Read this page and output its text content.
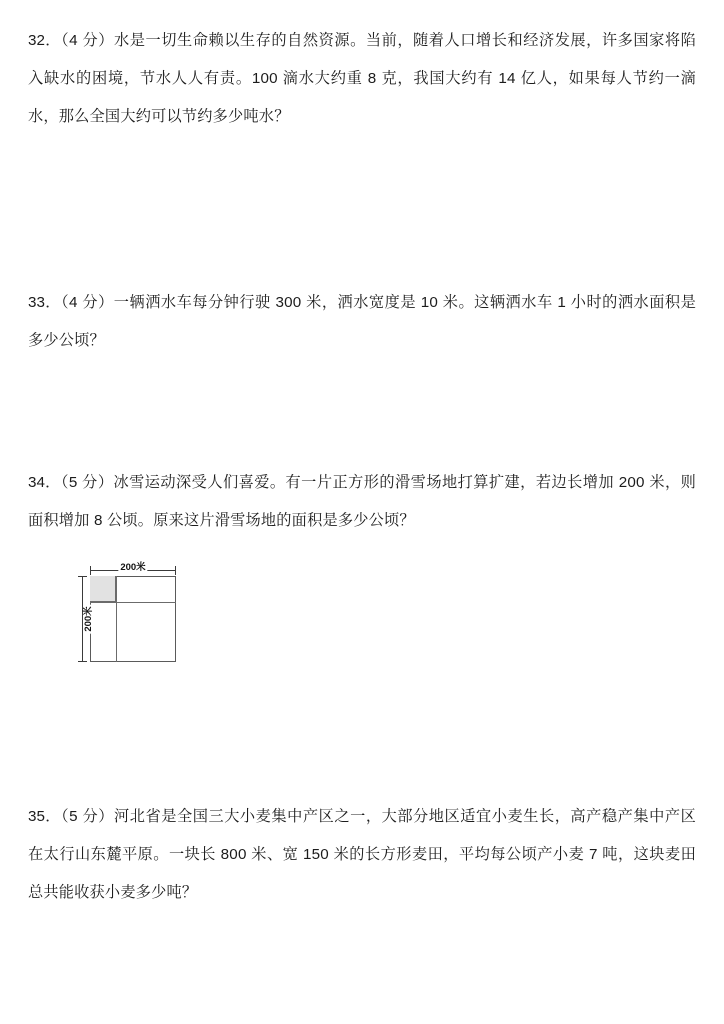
32．（4 分）水是一切生命赖以生存的自然资源。当前，随着人口增长和经济发展，许多国家将陷入缺水的困境，节水人人有责。100 滴水大约重 8 克，我国大约有 14 亿人，如果每人节约一滴水，那么全国大约可以节约多少吨水？
33．（4 分）一辆洒水车每分钟行驶 300 米，洒水宽度是 10 米。这辆洒水车 1 小时的洒水面积是多少公顷？
34．（5 分）冰雪运动深受人们喜爱。有一片正方形的滑雪场地打算扩建，若边长增加 200 米，则面积增加 8 公顷。原来这片滑雪场地的面积是多少公顷？
200米
200米
35．（5 分）河北省是全国三大小麦集中产区之一，大部分地区适宜小麦生长，高产稳产集中产区在太行山东麓平原。一块长 800 米、宽 150 米的长方形麦田，平均每公顷产小麦 7 吨，这块麦田总共能收获小麦多少吨？
